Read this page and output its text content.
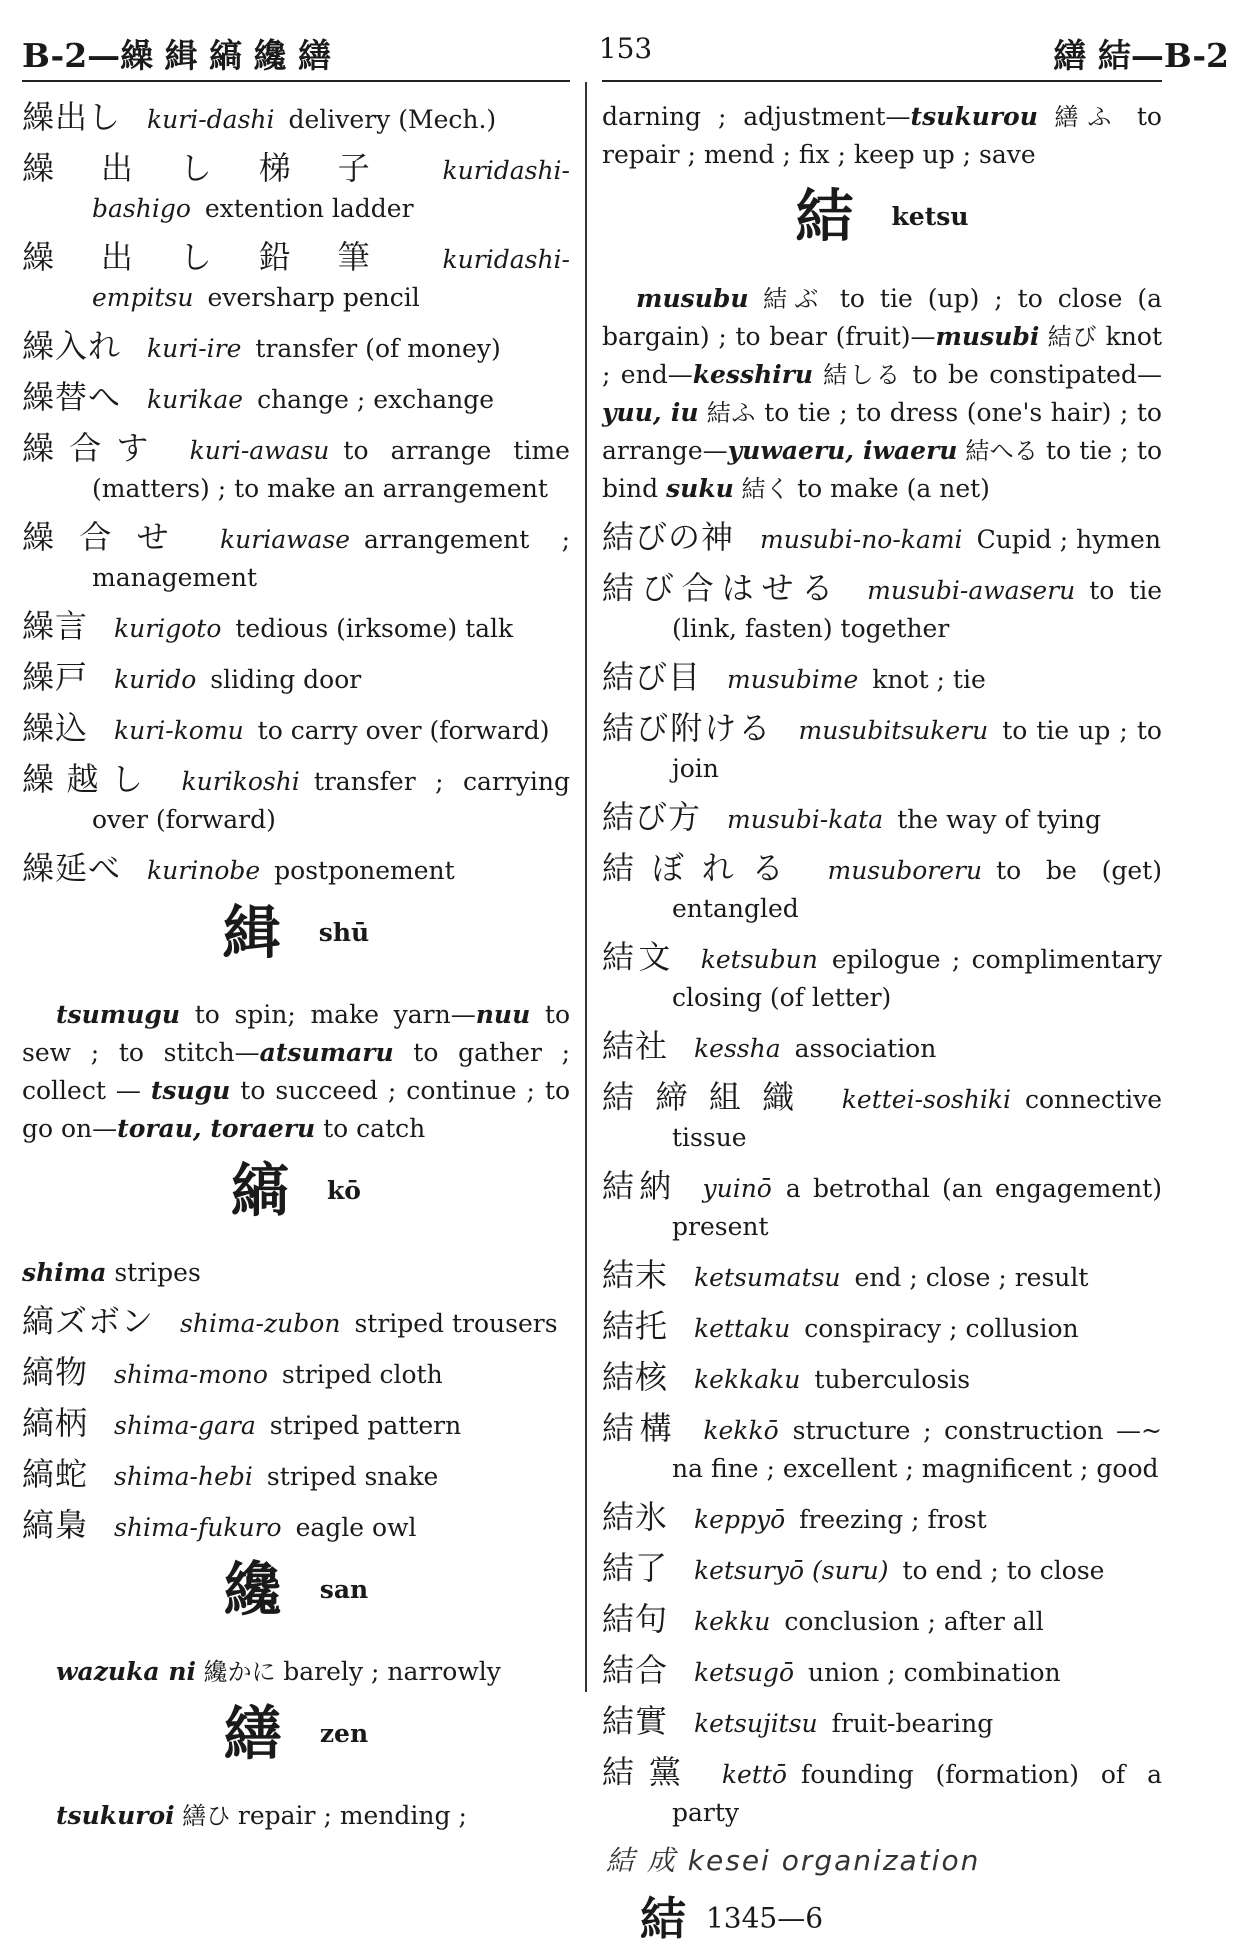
B-2—繰 緝 縞 纔 繕	153	繕 結—B-2

繰出し kuri-dashi delivery (Mech.)

繰出し梯子 kuridashi-bashigo extention ladder

繰出し鉛筆 kuridashi-empitsu eversharp pencil

繰入れ kuri-ire transfer (of money)

繰替へ kurikae change ; exchange

繰合す kuri-awasu to arrange time (matters) ; to make an arrangement

繰合せ kuriawase arrangement ; management

繰言 kurigoto tedious (irksome) talk

繰戸 kurido sliding door

繰込 kuri-komu to carry over (forward)

繰越し kurikoshi transfer ; carrying over (forward)

繰延べ kurinobe postponement

緝 shū

tsumugu to spin; make yarn—nuu to sew ; to stitch—atsumaru to gather ; collect — tsugu to succeed ; continue ; to go on—torau, toraeru to catch

縞 kō

shima stripes

縞ズボン shima-zubon striped trousers

縞物 shima-mono striped cloth

縞柄 shima-gara striped pattern

縞蛇 shima-hebi striped snake

縞梟 shima-fukuro eagle owl

纔 san

wazuka ni 纔かに barely ; narrowly

繕 zen

tsukuroi 繕ひ repair ; mending ;

darning ; adjustment—tsukurou 繕ふ to repair ; mend ; fix ; keep up ; save

結 ketsu

musubu 結ぶ to tie (up) ; to close (a bargain) ; to bear (fruit)—musubi 結び knot ; end—kesshiru 結しる to be constipated—yuu, iu 結ふ to tie ; to dress (one's hair) ; to arrange—yuwaeru, iwaeru 結へる to tie ; to bind suku 結く to make (a net)

結びの神 musubi-no-kami Cupid ; hymen

結び合はせる musubi-awaseru to tie (link, fasten) together

結び目 musubime knot ; tie

結び附ける musubitsukeru to tie up ; to join

結び方 musubi-kata the way of tying

結ぼれる musuboreru to be (get) entangled

結文 ketsubun epilogue ; complimentary closing (of letter)

結社 kessha association

結締組織 kettei-soshiki connective tissue

結納 yuinō a betrothal (an engagement) present

結末 ketsumatsu end ; close ; result

結托 kettaku conspiracy ; collusion

結核 kekkaku tuberculosis

結構 kekkō structure ; construction —~ na fine ; excellent ; magnificent ; good

結氷 keppyō freezing ; frost

結了 ketsuryō (suru) to end ; to close

結句 kekku conclusion ; after all

結合 ketsugō union ; combination

結實 ketsujitsu fruit-bearing

結黨 kettō founding (formation) of a party

結 成 kesei organization
結 1345—6
